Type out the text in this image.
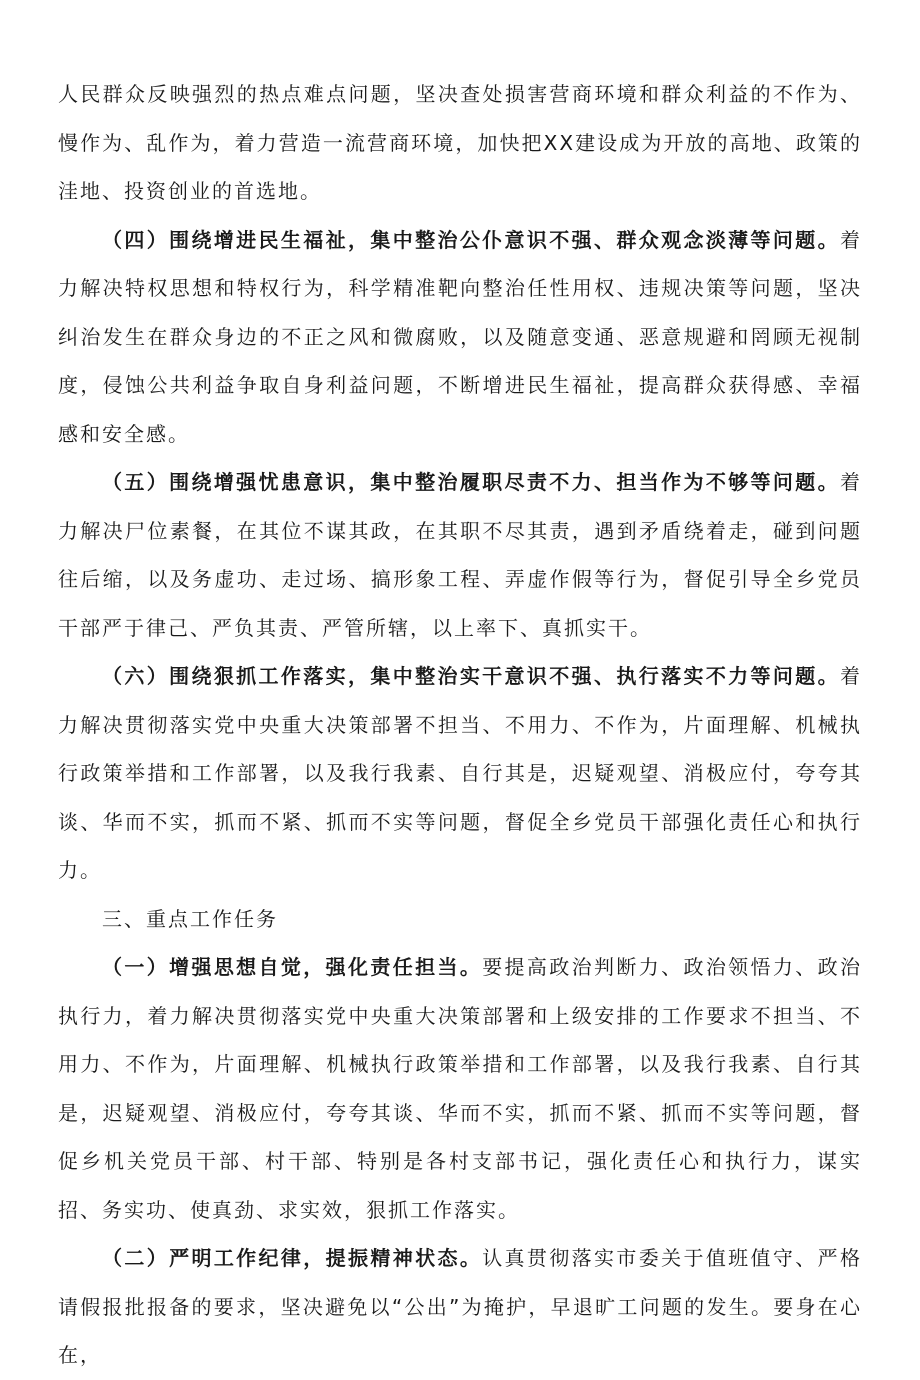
人民群众反映强烈的热点难点问题，坚决查处损害营商环境和群众利益的不作为、慢作为、乱作为，着力营造一流营商环境，加快把XX建设成为开放的高地、政策的洼地、投资创业的首选地。

（四）围绕增进民生福祉，集中整治公仆意识不强、群众观念淡薄等问题。着力解决特权思想和特权行为，科学精准靶向整治任性用权、违规决策等问题，坚决纠治发生在群众身边的不正之风和微腐败，以及随意变通、恶意规避和罔顾无视制度，侵蚀公共利益争取自身利益问题，不断增进民生福祉，提高群众获得感、幸福感和安全感。

（五）围绕增强忧患意识，集中整治履职尽责不力、担当作为不够等问题。着力解决尸位素餐，在其位不谋其政，在其职不尽其责，遇到矛盾绕着走，碰到问题往后缩，以及务虚功、走过场、搞形象工程、弄虚作假等行为，督促引导全乡党员干部严于律己、严负其责、严管所辖，以上率下、真抓实干。

（六）围绕狠抓工作落实，集中整治实干意识不强、执行落实不力等问题。着力解决贯彻落实党中央重大决策部署不担当、不用力、不作为，片面理解、机械执行政策举措和工作部署，以及我行我素、自行其是，迟疑观望、消极应付，夸夸其谈、华而不实，抓而不紧、抓而不实等问题，督促全乡党员干部强化责任心和执行力。

三、重点工作任务

（一）增强思想自觉，强化责任担当。要提高政治判断力、政治领悟力、政治执行力，着力解决贯彻落实党中央重大决策部署和上级安排的工作要求不担当、不用力、不作为，片面理解、机械执行政策举措和工作部署，以及我行我素、自行其是，迟疑观望、消极应付，夸夸其谈、华而不实，抓而不紧、抓而不实等问题，督促乡机关党员干部、村干部、特别是各村支部书记，强化责任心和执行力，谋实招、务实功、使真劲、求实效，狠抓工作落实。

（二）严明工作纪律，提振精神状态。认真贯彻落实市委关于值班值守、严格请假报批报备的要求，坚决避免以“公出”为掩护，早退旷工问题的发生。要身在心在，
